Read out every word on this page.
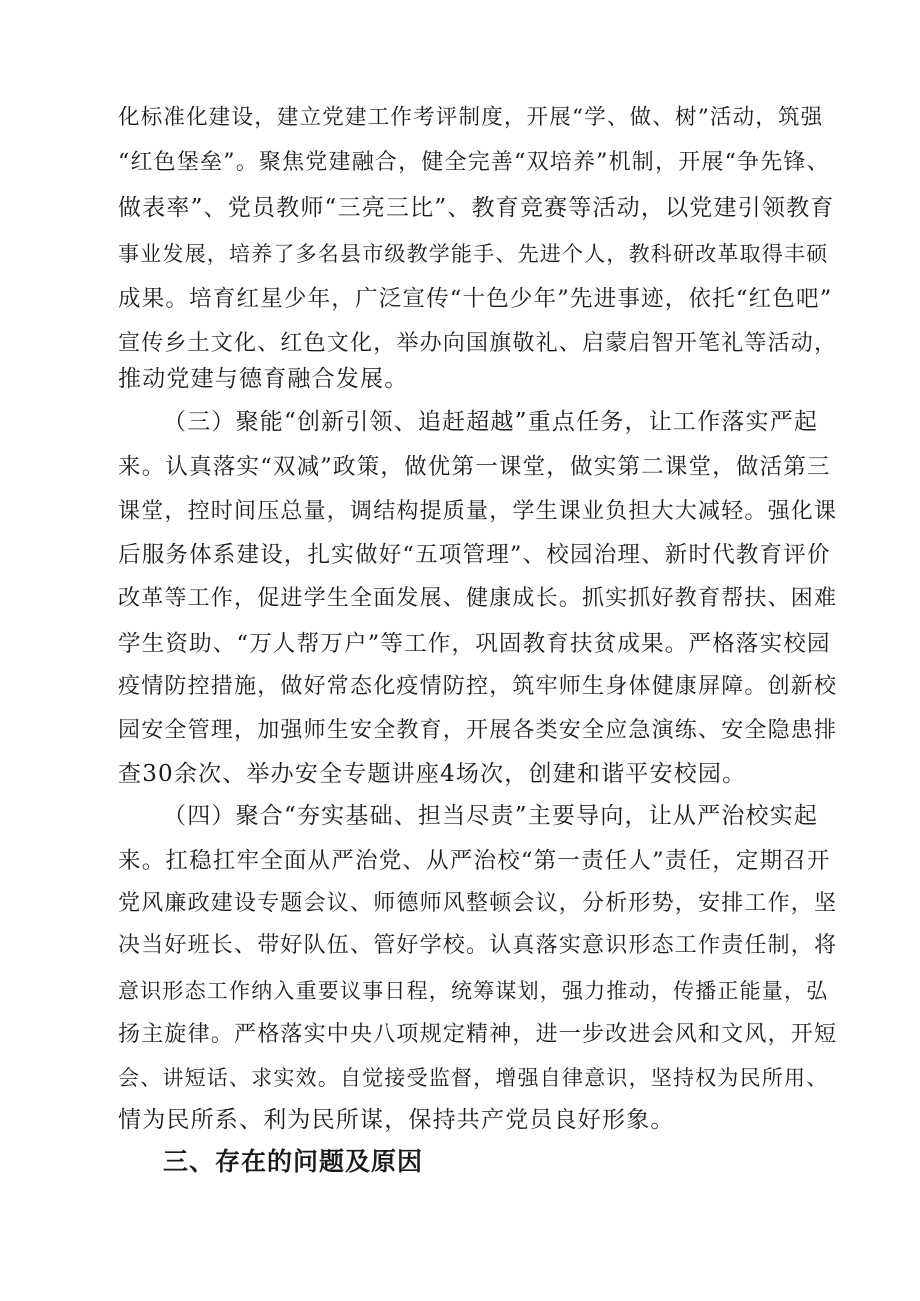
化标准化建设，建立党建工作考评制度，开展“学、做、树”活动，筑强
“红色堡垒”。聚焦党建融合，健全完善“双培养”机制，开展“争先锋、
做表率”、党员教师“三亮三比”、教育竞赛等活动，以党建引领教育
事业发展，培养了多名县市级教学能手、先进个人，教科研改革取得丰硕
成果。培育红星少年，广泛宣传“十色少年”先进事迹，依托“红色吧”
宣传乡土文化、红色文化，举办向国旗敬礼、启蒙启智开笔礼等活动，
推动党建与德育融合发展。
（三）聚能“创新引领、追赶超越”重点任务，让工作落实严起
来。认真落实“双减”政策，做优第一课堂，做实第二课堂，做活第三
课堂，控时间压总量，调结构提质量，学生课业负担大大减轻。强化课
后服务体系建设，扎实做好“五项管理”、校园治理、新时代教育评价
改革等工作，促进学生全面发展、健康成长。抓实抓好教育帮扶、困难
学生资助、“万人帮万户”等工作，巩固教育扶贫成果。严格落实校园
疫情防控措施，做好常态化疫情防控，筑牢师生身体健康屏障。创新校
园安全管理，加强师生安全教育，开展各类安全应急演练、安全隐患排
查30余次、举办安全专题讲座4场次，创建和谐平安校园。
（四）聚合“夯实基础、担当尽责”主要导向，让从严治校实起
来。扛稳扛牢全面从严治党、从严治校“第一责任人”责任，定期召开
党风廉政建设专题会议、师德师风整顿会议，分析形势，安排工作，坚
决当好班长、带好队伍、管好学校。认真落实意识形态工作责任制，将
意识形态工作纳入重要议事日程，统筹谋划，强力推动，传播正能量，弘
扬主旋律。严格落实中央八项规定精神，进一步改进会风和文风，开短
会、讲短话、求实效。自觉接受监督，增强自律意识，坚持权为民所用、
情为民所系、利为民所谋，保持共产党员良好形象。
三、存在的问题及原因
